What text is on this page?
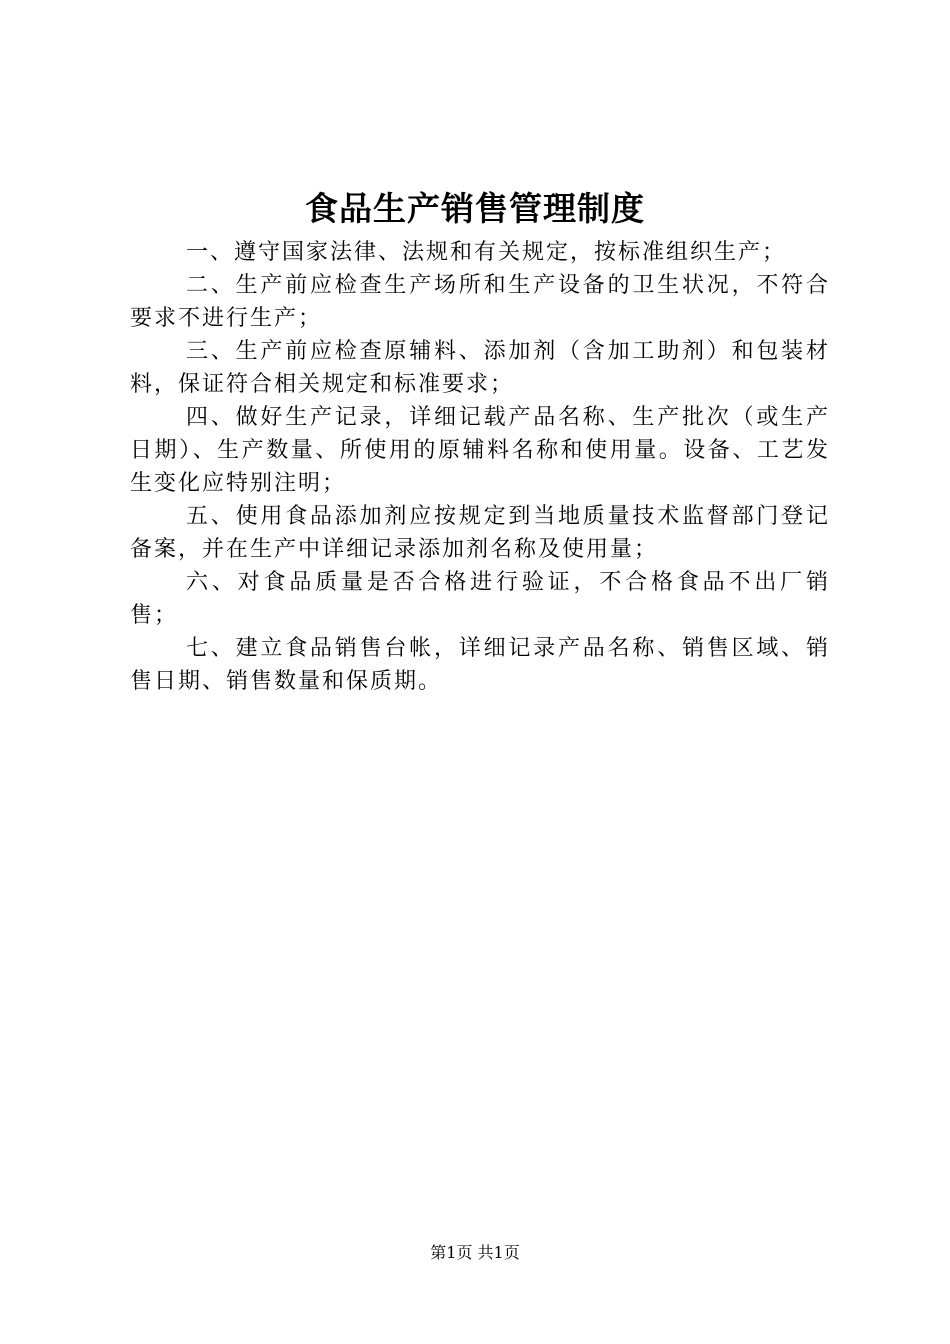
食品生产销售管理制度

一、遵守国家法律、法规和有关规定，按标准组织生产；

二、生产前应检查生产场所和生产设备的卫生状况，不符合要求不进行生产；

三、生产前应检查原辅料、添加剂（含加工助剂）和包装材料，保证符合相关规定和标准要求；

四、做好生产记录，详细记载产品名称、生产批次（或生产日期）、生产数量、所使用的原辅料名称和使用量。设备、工艺发生变化应特别注明；

五、使用食品添加剂应按规定到当地质量技术监督部门登记备案，并在生产中详细记录添加剂名称及使用量；

六、对食品质量是否合格进行验证，不合格食品不出厂销售；

七、建立食品销售台帐，详细记录产品名称、销售区域、销售日期、销售数量和保质期。

第1页 共1页
